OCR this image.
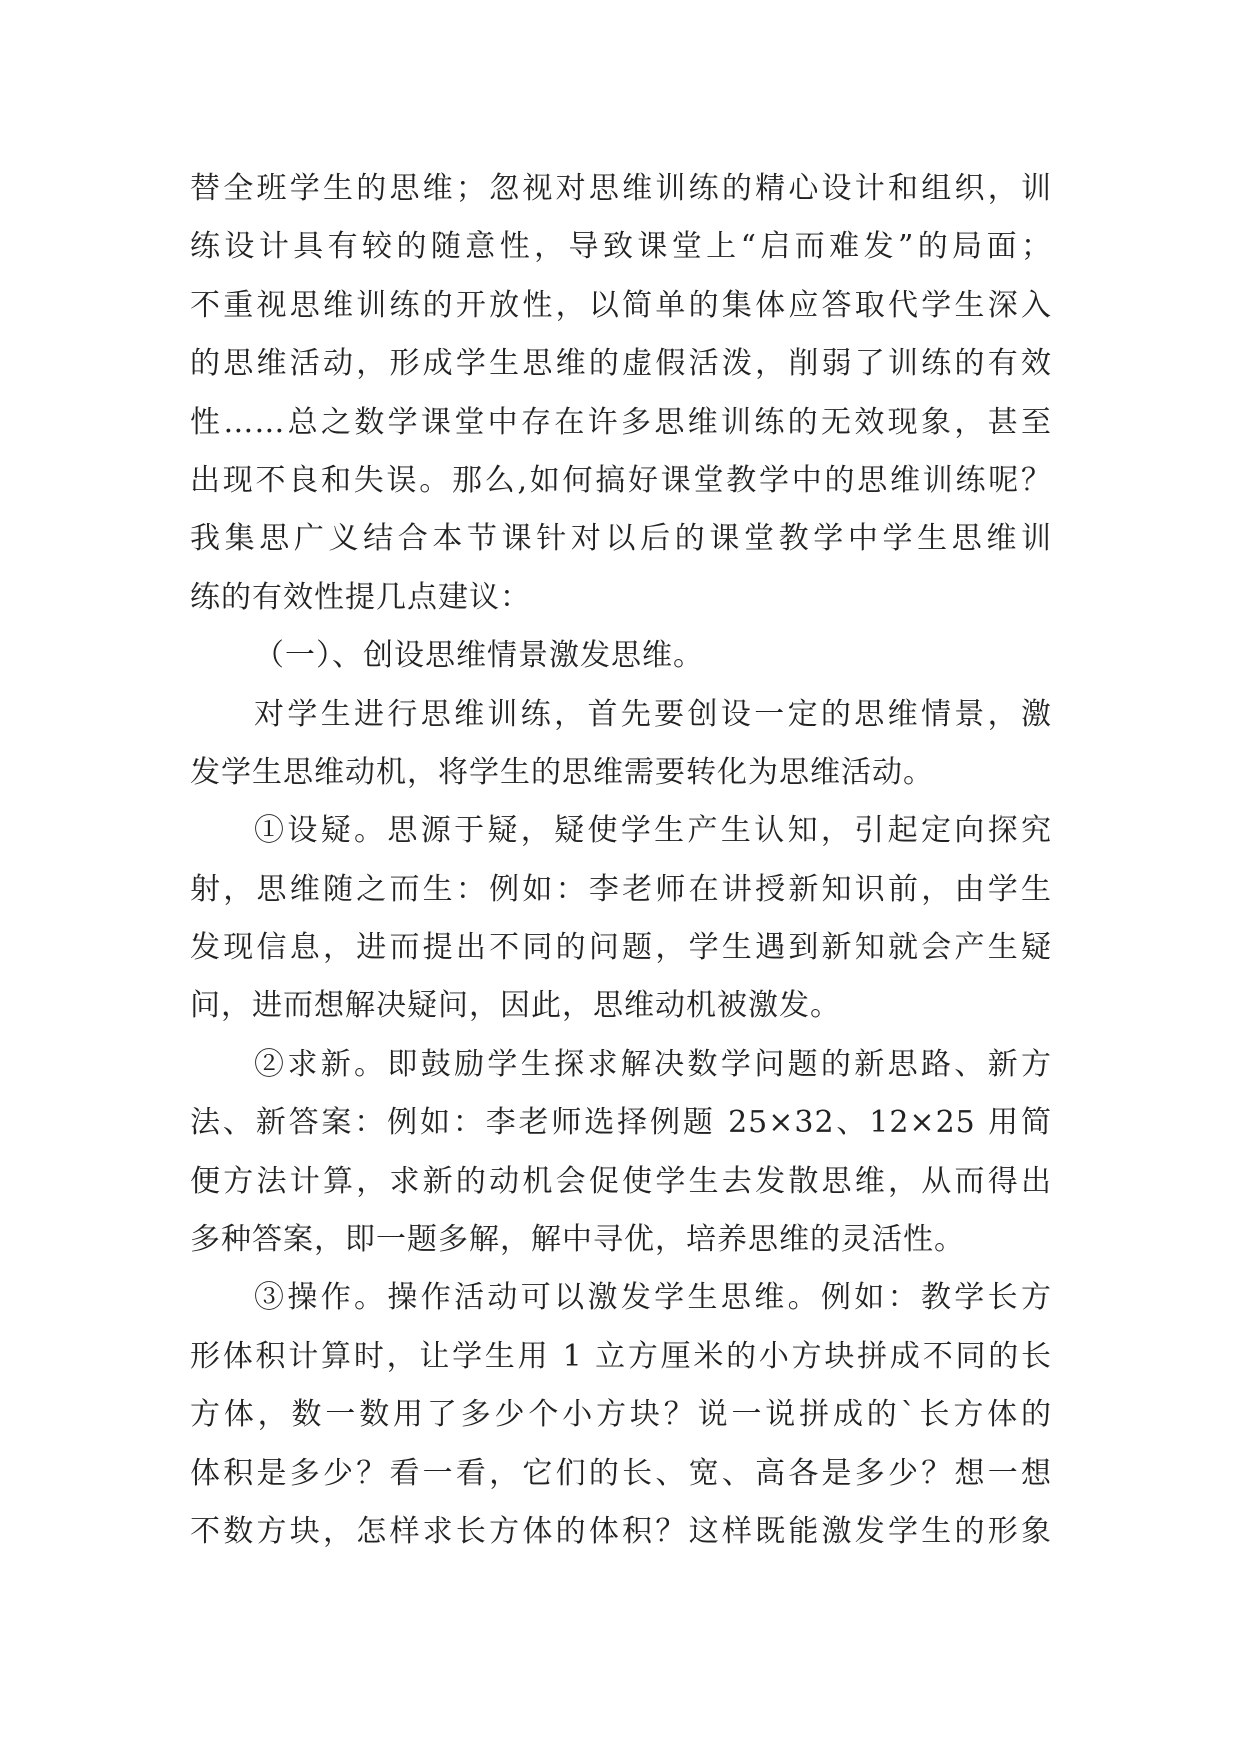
替全班学生的思维；忽视对思维训练的精心设计和组织，训
练设计具有较的随意性，导致课堂上“启而难发”的局面；
不重视思维训练的开放性，以简单的集体应答取代学生深入
的思维活动，形成学生思维的虚假活泼，削弱了训练的有效
性……总之数学课堂中存在许多思维训练的无效现象，甚至
出现不良和失误。那么,如何搞好课堂教学中的思维训练呢？
我集思广义结合本节课针对以后的课堂教学中学生思维训
练的有效性提几点建议：
（一）、创设思维情景激发思维。
对学生进行思维训练，首先要创设一定的思维情景，激
发学生思维动机，将学生的思维需要转化为思维活动。
①设疑。思源于疑，疑使学生产生认知，引起定向探究
射，思维随之而生：例如：李老师在讲授新知识前，由学生
发现信息，进而提出不同的问题，学生遇到新知就会产生疑
问，进而想解决疑问，因此，思维动机被激发。
②求新。即鼓励学生探求解决数学问题的新思路、新方
法、新答案：例如：李老师选择例题 25×32、12×25 用简
便方法计算，求新的动机会促使学生去发散思维，从而得出
多种答案，即一题多解，解中寻优，培养思维的灵活性。
③操作。操作活动可以激发学生思维。例如：教学长方
形体积计算时，让学生用 1 立方厘米的小方块拼成不同的长
方体，数一数用了多少个小方块？说一说拼成的`长方体的
体积是多少？看一看，它们的长、宽、高各是多少？想一想
不数方块，怎样求长方体的体积？这样既能激发学生的形象
